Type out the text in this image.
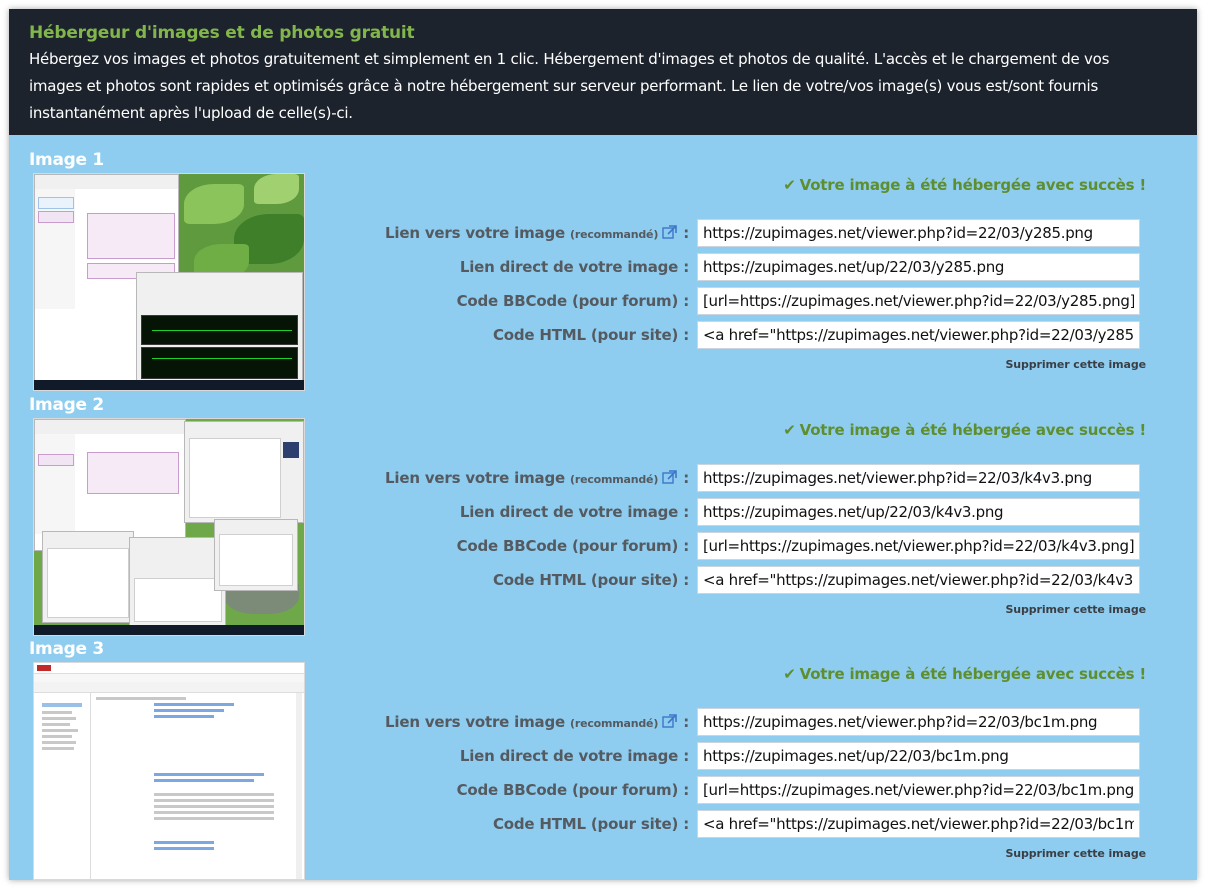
Hébergeur d'images et de photos gratuit
Hébergez vos images et photos gratuitement et simplement en 1 clic. Hébergement d'images et photos de qualité. L'accès et le chargement de vos images et photos sont rapides et optimisés grâce à notre hébergement sur serveur performant. Le lien de votre/vos image(s) vous est/sont fournis instantanément après l'upload de celle(s)-ci.
Image 1
✔ Votre image à été hébergée avec succès !
Lien vers votre image (recommandé) :
https://zupimages.net/viewer.php?id=22/03/y285.png
Lien direct de votre image :
https://zupimages.net/up/22/03/y285.png
Code BBCode (pour forum) :
[url=https://zupimages.net/viewer.php?id=22/03/y285.png]
Code HTML (pour site) :
<a href="https://zupimages.net/viewer.php?id=22/03/y285.
Supprimer cette image
Image 2
✔ Votre image à été hébergée avec succès !
Lien vers votre image (recommandé) :
https://zupimages.net/viewer.php?id=22/03/k4v3.png
Lien direct de votre image :
https://zupimages.net/up/22/03/k4v3.png
Code BBCode (pour forum) :
[url=https://zupimages.net/viewer.php?id=22/03/k4v3.png]
Code HTML (pour site) :
<a href="https://zupimages.net/viewer.php?id=22/03/k4v3.
Supprimer cette image
Image 3
✔ Votre image à été hébergée avec succès !
Lien vers votre image (recommandé) :
https://zupimages.net/viewer.php?id=22/03/bc1m.png
Lien direct de votre image :
https://zupimages.net/up/22/03/bc1m.png
Code BBCode (pour forum) :
[url=https://zupimages.net/viewer.php?id=22/03/bc1m.png
Code HTML (pour site) :
<a href="https://zupimages.net/viewer.php?id=22/03/bc1m
Supprimer cette image
